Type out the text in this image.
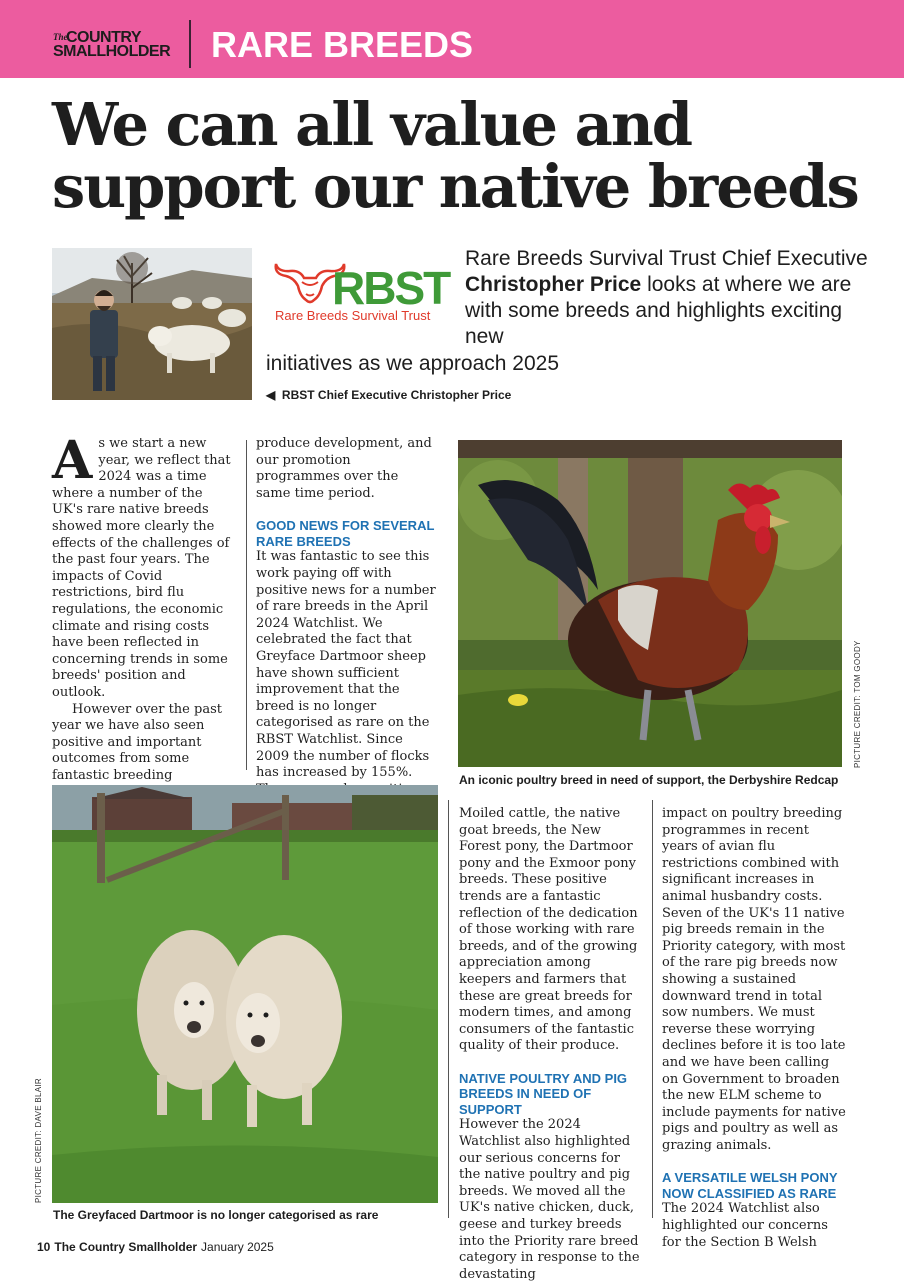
The
COUNTRY
SMALLHOLDER RARE BREEDS
We can all value and support our native breeds
RBST
Rare Breeds Survival Trust
Rare Breeds Survival Trust Chief Executive Christopher Price looks at where we are with some breeds and highlights exciting new
initiatives as we approach 2025
◀  RBST Chief Executive Christopher Price
A s we start a new year, we reflect that 2024 was a time where a number of the UK's rare native breeds showed more clearly the effects of the challenges of the past four years. The impacts of Covid restrictions, bird flu regulations, the economic climate and rising costs have been reflected in concerning trends in some breeds' position and outlook.

However over the past year we have also seen positive and important outcomes from some fantastic breeding

produce development, and our promotion programmes over the same time period.

GOOD NEWS FOR SEVERAL RARE BREEDS

It was fantastic to see this work paying off with positive news for a number of rare breeds in the April 2024 Watchlist. We celebrated the fact that Greyface Dartmoor sheep have shown sufficient improvement that the breed is no longer categorised as rare on the RBST Watchlist. Since 2009 the number of flocks has increased by 155%.

PICTURE CREDIT: TOM GOODY
An iconic poultry breed in need of support, the Derbyshire Redcap
PICTURE CREDIT: DAVE BLAIR
The Greyfaced Dartmoor is no longer categorised as rare

Moiled cattle, the native goat breeds, the New Forest pony, the Dartmoor pony and the Exmoor pony breeds. These positive trends are a fantastic reflection of the dedication of those working with rare breeds, and of the growing appreciation among keepers and farmers that these are great breeds for modern times, and among consumers of the fantastic quality of their produce.

NATIVE POULTRY AND PIG BREEDS IN NEED OF SUPPORT

However the 2024 Watchlist also highlighted our serious concerns for the native poultry and pig breeds. We moved all the UK's native chicken, duck, geese and turkey breeds into the Priority rare breed category in response to the devastating

impact on poultry breeding programmes in recent years of avian flu restrictions combined with significant increases in animal husbandry costs. Seven of the UK's 11 native pig breeds remain in the Priority category, with most of the rare pig breeds now showing a sustained downward trend in total sow numbers. We must reverse these worrying declines before it is too late and we have been calling on Government to broaden the new ELM scheme to include payments for native pigs and poultry as well as grazing animals.

A VERSATILE WELSH PONY NOW CLASSIFIED AS RARE

The 2024 Watchlist also highlighted our concerns for the Section B Welsh

10 The Country Smallholder January 2025
